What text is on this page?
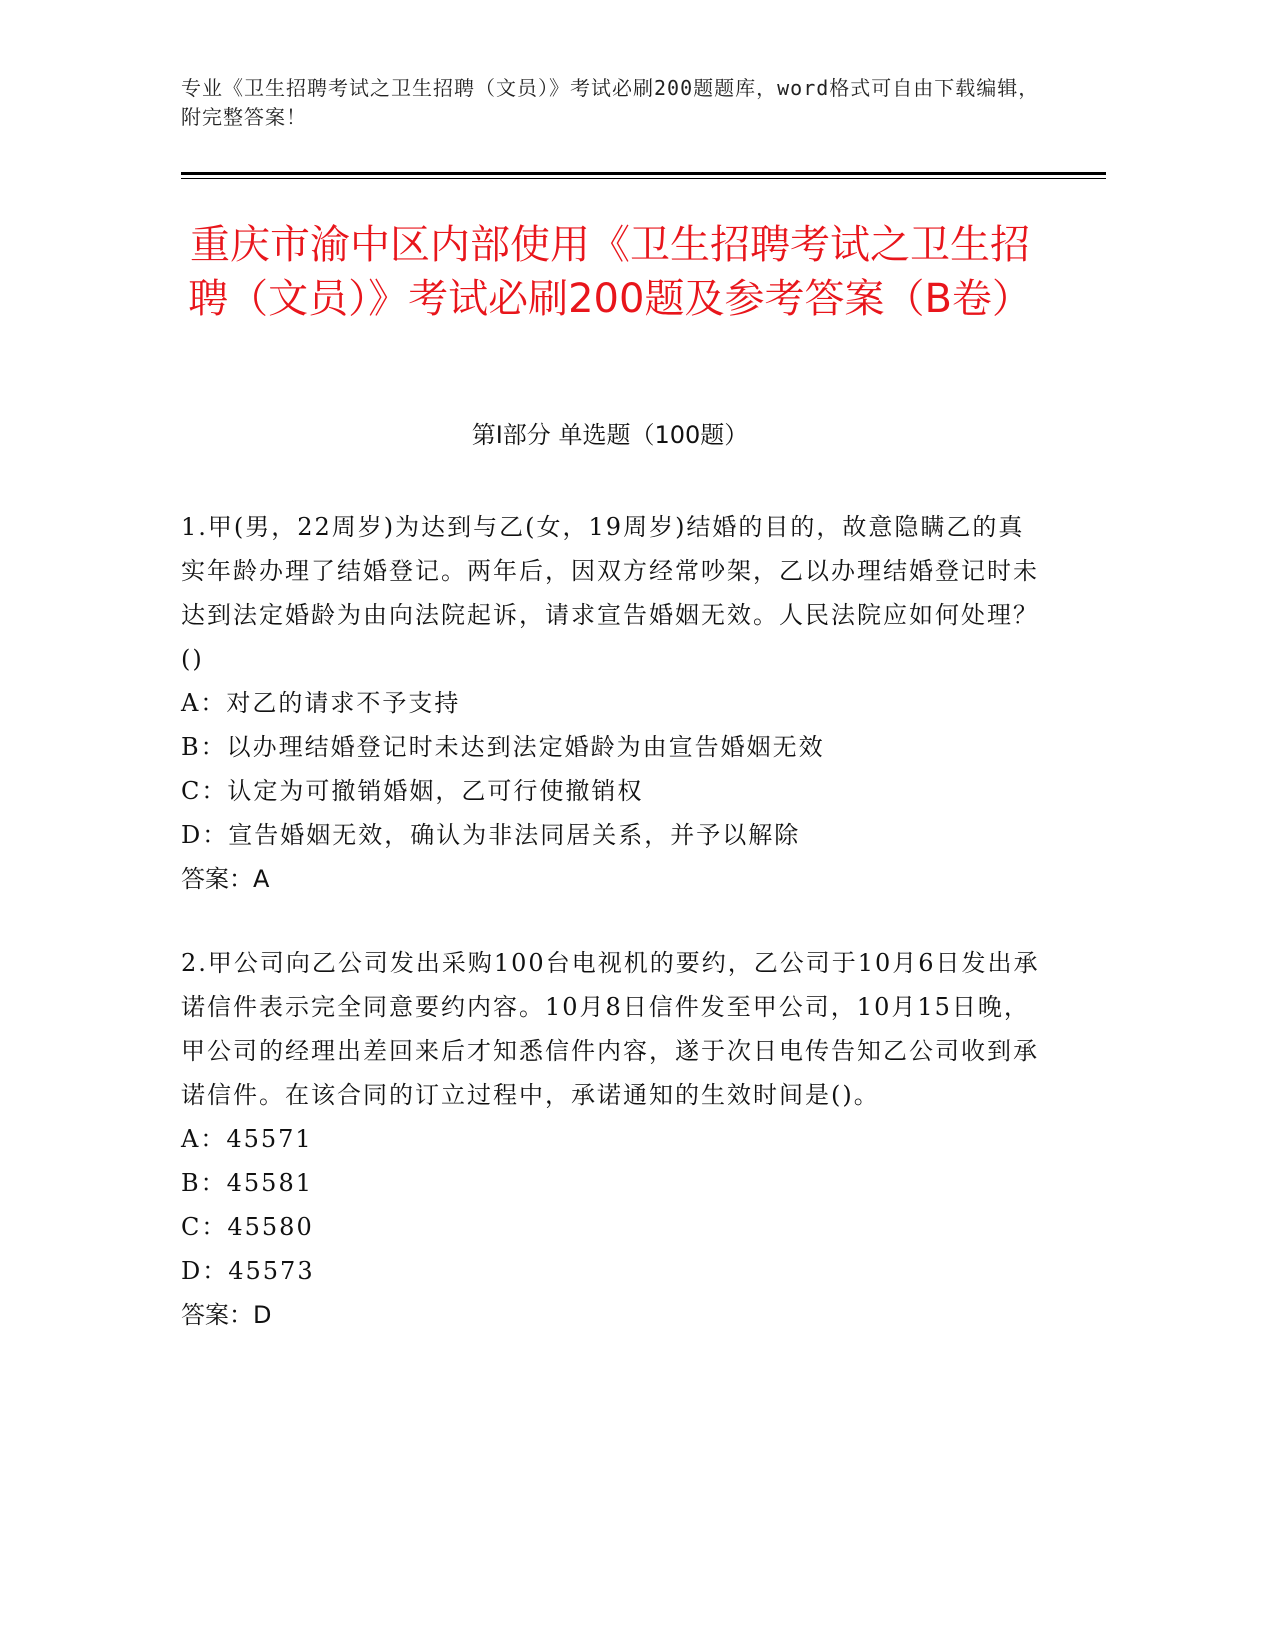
专业《卫生招聘考试之卫生招聘（文员）》考试必刷200题题库，word格式可自由下载编辑，附完整答案！
重庆市渝中区内部使用《卫生招聘考试之卫生招聘（文员）》考试必刷200题及参考答案（B卷）
第I部分 单选题（100题）

1.甲(男，22周岁)为达到与乙(女，19周岁)结婚的目的，故意隐瞒乙的真实年龄办理了结婚登记。两年后，因双方经常吵架，乙以办理结婚登记时未达到法定婚龄为由向法院起诉，请求宣告婚姻无效。人民法院应如何处理？()

A：对乙的请求不予支持

B：以办理结婚登记时未达到法定婚龄为由宣告婚姻无效

C：认定为可撤销婚姻，乙可行使撤销权

D：宣告婚姻无效，确认为非法同居关系，并予以解除

答案：A

2.甲公司向乙公司发出采购100台电视机的要约，乙公司于10月6日发出承诺信件表示完全同意要约内容。10月8日信件发至甲公司，10月15日晚，甲公司的经理出差回来后才知悉信件内容，遂于次日电传告知乙公司收到承诺信件。在该合同的订立过程中，承诺通知的生效时间是()。

A：45571

B：45581

C：45580

D：45573

答案：D
